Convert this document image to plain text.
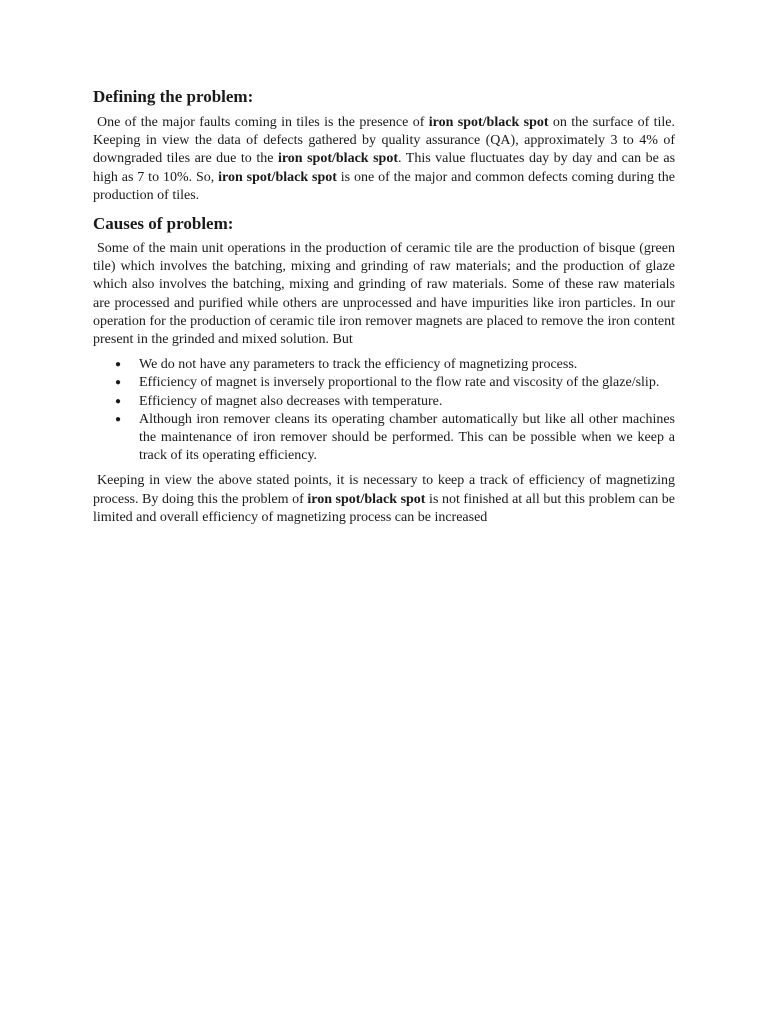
Defining the problem:

One of the major faults coming in tiles is the presence of iron spot/black spot on the surface of tile. Keeping in view the data of defects gathered by quality assurance (QA), approximately 3 to 4% of downgraded tiles are due to the iron spot/black spot. This value fluctuates day by day and can be as high as 7 to 10%. So, iron spot/black spot is one of the major and common defects coming during the production of tiles.

Causes of problem:

Some of the main unit operations in the production of ceramic tile are the production of bisque (green tile) which involves the batching, mixing and grinding of raw materials; and the production of glaze which also involves the batching, mixing and grinding of raw materials. Some of these raw materials are processed and purified while others are unprocessed and have impurities like iron particles. In our operation for the production of ceramic tile iron remover magnets are placed to remove the iron content present in the grinded and mixed solution. But

● We do not have any parameters to track the efficiency of magnetizing process.
● Efficiency of magnet is inversely proportional to the flow rate and viscosity of the glaze/slip.
● Efficiency of magnet also decreases with temperature.
● Although iron remover cleans its operating chamber automatically but like all other machines the maintenance of iron remover should be performed. This can be possible when we keep a track of its operating efficiency.

Keeping in view the above stated points, it is necessary to keep a track of efficiency of magnetizing process. By doing this the problem of iron spot/black spot is not finished at all but this problem can be limited and overall efficiency of magnetizing process can be increased
